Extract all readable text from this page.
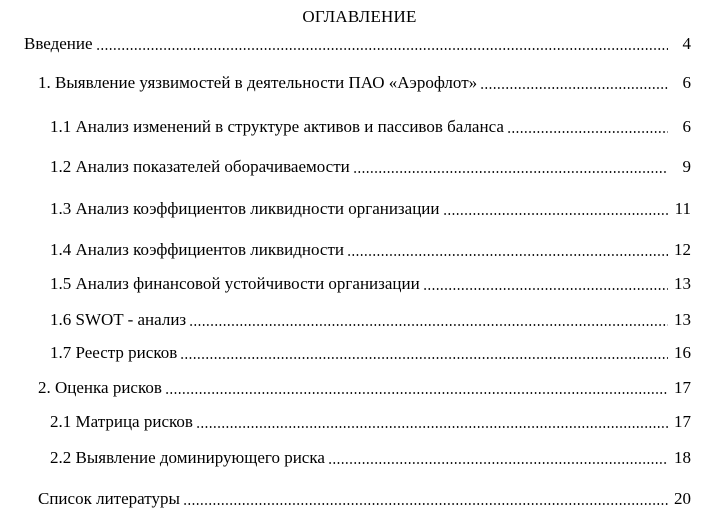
ОГЛАВЛЕНИЕ
Введение	4
1. Выявление уязвимостей в деятельности ПАО «Аэрофлот»	6
1.1 Анализ изменений в структуре активов и пассивов баланса	6
1.2 Анализ показателей оборачиваемости	9
1.3 Анализ коэффициентов ликвидности организации	11
1.4 Анализ коэффициентов ликвидности	12
1.5 Анализ финансовой устойчивости организации	13
1.6 SWOT - анализ	13
1.7 Реестр рисков	16
2. Оценка рисков	17
2.1 Матрица рисков	17
2.2 Выявление доминирующего риска	18
Список литературы	20
